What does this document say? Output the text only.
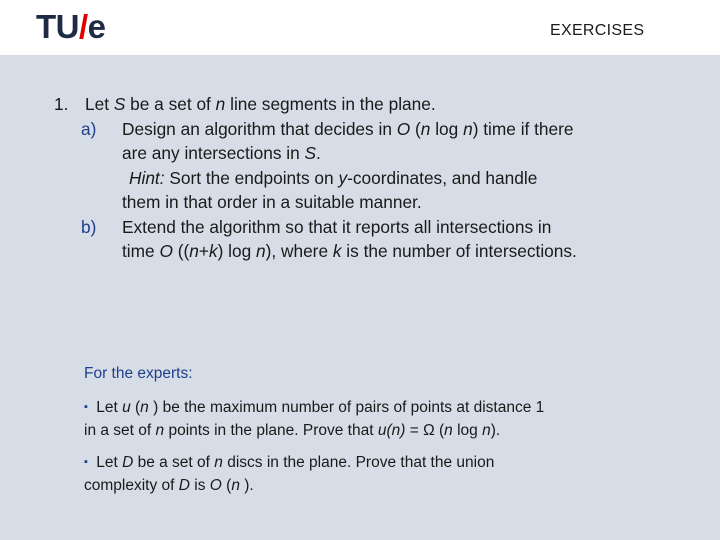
TU/e	EXERCISES

1. Let S be a set of n line segments in the plane.

a) Design an algorithm that decides in O (n log n) time if there

are any intersections in S.

Hint: Sort the endpoints on y-coordinates, and handle

them in that order in a suitable manner.

b) Extend the algorithm so that it reports all intersections in

time O ((n+k) log n), where k is the number of intersections.

For the experts:

▪ Let u (n ) be the maximum number of pairs of points at distance 1

in a set of n points in the plane. Prove that u(n) = Ω (n log n).

▪ Let D be a set of n discs in the plane. Prove that the union

complexity of D is O (n ).
